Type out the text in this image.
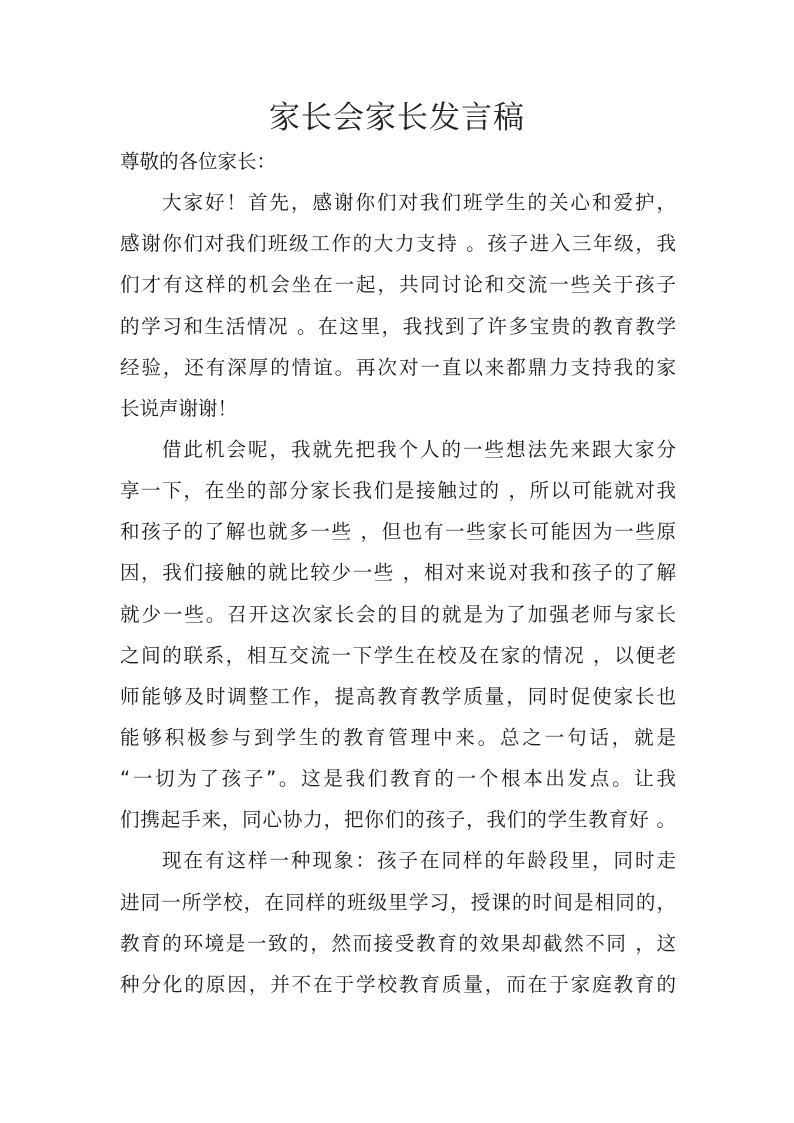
家长会家长发言稿
尊敬的各位家长：
大家好！首先，感谢你们对我们班学生的关心和爱护，
感谢你们对我们班级工作的大力支持 。孩子进入三年级，我
们才有这样的机会坐在一起，共同讨论和交流一些关于孩子
的学习和生活情况 。在这里，我找到了许多宝贵的教育教学
经验，还有深厚的情谊。再次对一直以来都鼎力支持我的家
长说声谢谢！
借此机会呢，我就先把我个人的一些想法先来跟大家分
享一下，在坐的部分家长我们是接触过的 ，所以可能就对我
和孩子的了解也就多一些 ，但也有一些家长可能因为一些原
因，我们接触的就比较少一些 ，相对来说对我和孩子的了解
就少一些。召开这次家长会的目的就是为了加强老师与家长
之间的联系，相互交流一下学生在校及在家的情况 ，以便老
师能够及时调整工作，提高教育教学质量，同时促使家长也
能够积极参与到学生的教育管理中来。总之一句话，就是
“一切为了孩子”。这是我们教育的一个根本出发点。让我
们携起手来，同心协力，把你们的孩子，我们的学生教育好 。
现在有这样一种现象：孩子在同样的年龄段里，同时走
进同一所学校，在同样的班级里学习，授课的时间是相同的，
教育的环境是一致的，然而接受教育的效果却截然不同 ，这
种分化的原因，并不在于学校教育质量，而在于家庭教育的
